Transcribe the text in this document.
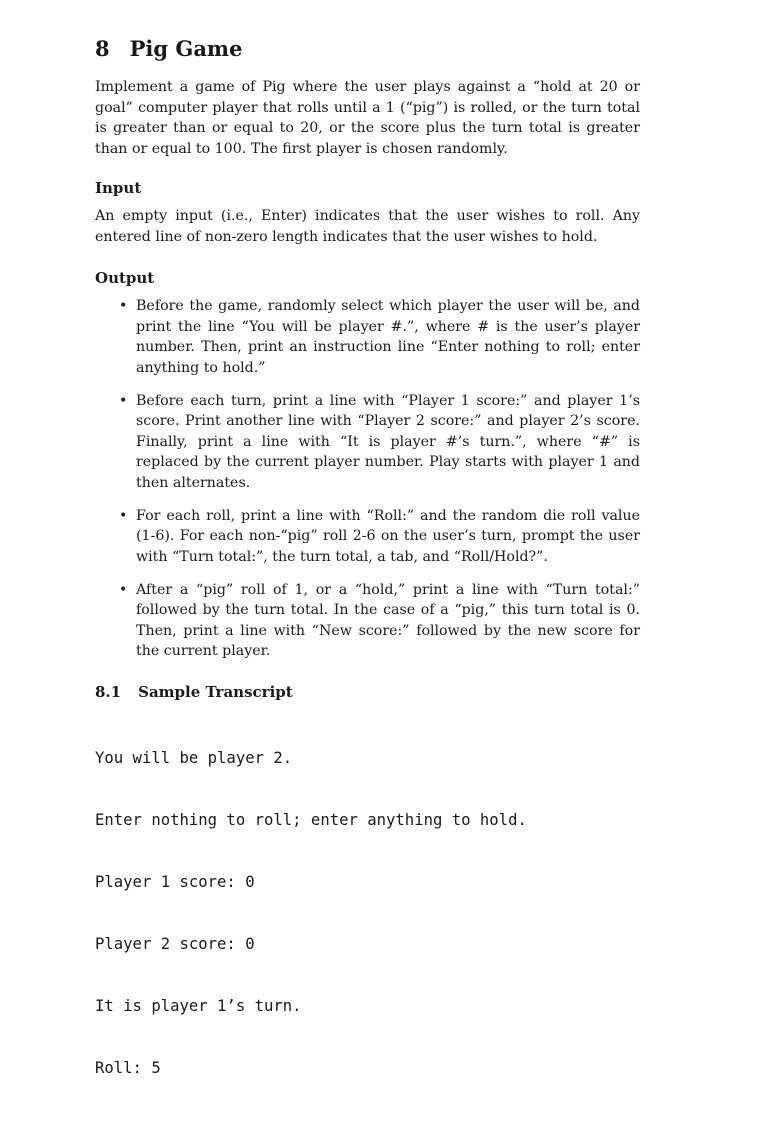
8 Pig Game

Implement a game of Pig where the user plays against a “hold at 20 or goal” computer player that rolls until a 1 (“pig”) is rolled, or the turn total is greater than or equal to 20, or the score plus the turn total is greater than or equal to 100. The first player is chosen randomly.

Input

An empty input (i.e., Enter) indicates that the user wishes to roll. Any entered line of non-zero length indicates that the user wishes to hold.

Output
• Before the game, randomly select which player the user will be, and print the line “You will be player #.”, where # is the user’s player number. Then, print an instruction line “Enter nothing to roll; enter anything to hold.”
• Before each turn, print a line with “Player 1 score:” and player 1’s score. Print another line with “Player 2 score:” and player 2’s score. Finally, print a line with “It is player #’s turn.”, where “#” is replaced by the current player number. Play starts with player 1 and then alternates.
• For each roll, print a line with “Roll:” and the random die roll value (1-6). For each non-“pig” roll 2-6 on the user’s turn, prompt the user with “Turn total:”, the turn total, a tab, and “Roll/Hold?”.
• After a “pig” roll of 1, or a “hold,” print a line with “Turn total:” followed by the turn total. In the case of a “pig,” this turn total is 0. Then, print a line with “New score:” followed by the new score for the current player.
8.1 Sample Transcript

You will be player 2.

Enter nothing to roll; enter anything to hold.

Player 1 score: 0

Player 2 score: 0

It is player 1’s turn.

Roll: 5
